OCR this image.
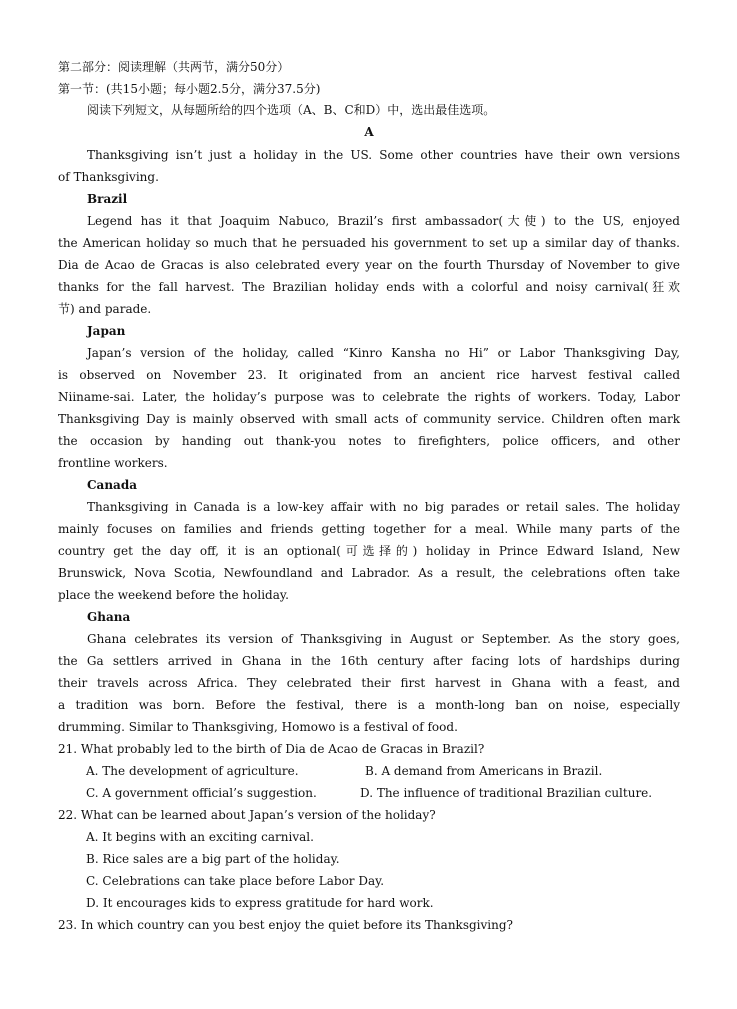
第二部分：阅读理解（共两节，满分50分）
第一节：(共15小题；每小题2.5分，满分37.5分)
阅读下列短文，从每题所给的四个选项（A、B、C和D）中，选出最佳选项。
A
Thanksgiving isn’t just a holiday in the US. Some other countries have their own versions
of Thanksgiving.
Brazil
Legend has it that Joaquim Nabuco, Brazil’s first ambassador(大使) to the US, enjoyed
the American holiday so much that he persuaded his government to set up a similar day of thanks.
Dia de Acao de Gracas is also celebrated every year on the fourth Thursday of November to give
thanks for the fall harvest. The Brazilian holiday ends with a colorful and noisy carnival(狂欢
节) and parade.
Japan
Japan’s version of the holiday, called “Kinro Kansha no Hi” or Labor Thanksgiving Day,
is observed on November 23. It originated from an ancient rice harvest festival called
Niiname-sai. Later, the holiday’s purpose was to celebrate the rights of workers. Today, Labor
Thanksgiving Day is mainly observed with small acts of community service. Children often mark
the occasion by handing out thank-you notes to firefighters, police officers, and other
frontline workers.
Canada
Thanksgiving in Canada is a low-key affair with no big parades or retail sales. The holiday
mainly focuses on families and friends getting together for a meal. While many parts of the
country get the day off, it is an optional(可选择的) holiday in Prince Edward Island, New
Brunswick, Nova Scotia, Newfoundland and Labrador. As a result, the celebrations often take
place the weekend before the holiday.
Ghana
Ghana celebrates its version of Thanksgiving in August or September. As the story goes,
the Ga settlers arrived in Ghana in the 16th century after facing lots of hardships during
their travels across Africa. They celebrated their first harvest in Ghana with a feast, and
a tradition was born. Before the festival, there is a month-long ban on noise, especially
drumming. Similar to Thanksgiving, Homowo is a festival of food.
21. What probably led to the birth of Dia de Acao de Gracas in Brazil?
A. The development of agriculture.	B. A demand from Americans in Brazil.
C. A government official’s suggestion.	D. The influence of traditional Brazilian culture.
22. What can be learned about Japan’s version of the holiday?
A. It begins with an exciting carnival.
B. Rice sales are a big part of the holiday.
C. Celebrations can take place before Labor Day.
D. It encourages kids to express gratitude for hard work.
23. In which country can you best enjoy the quiet before its Thanksgiving?
